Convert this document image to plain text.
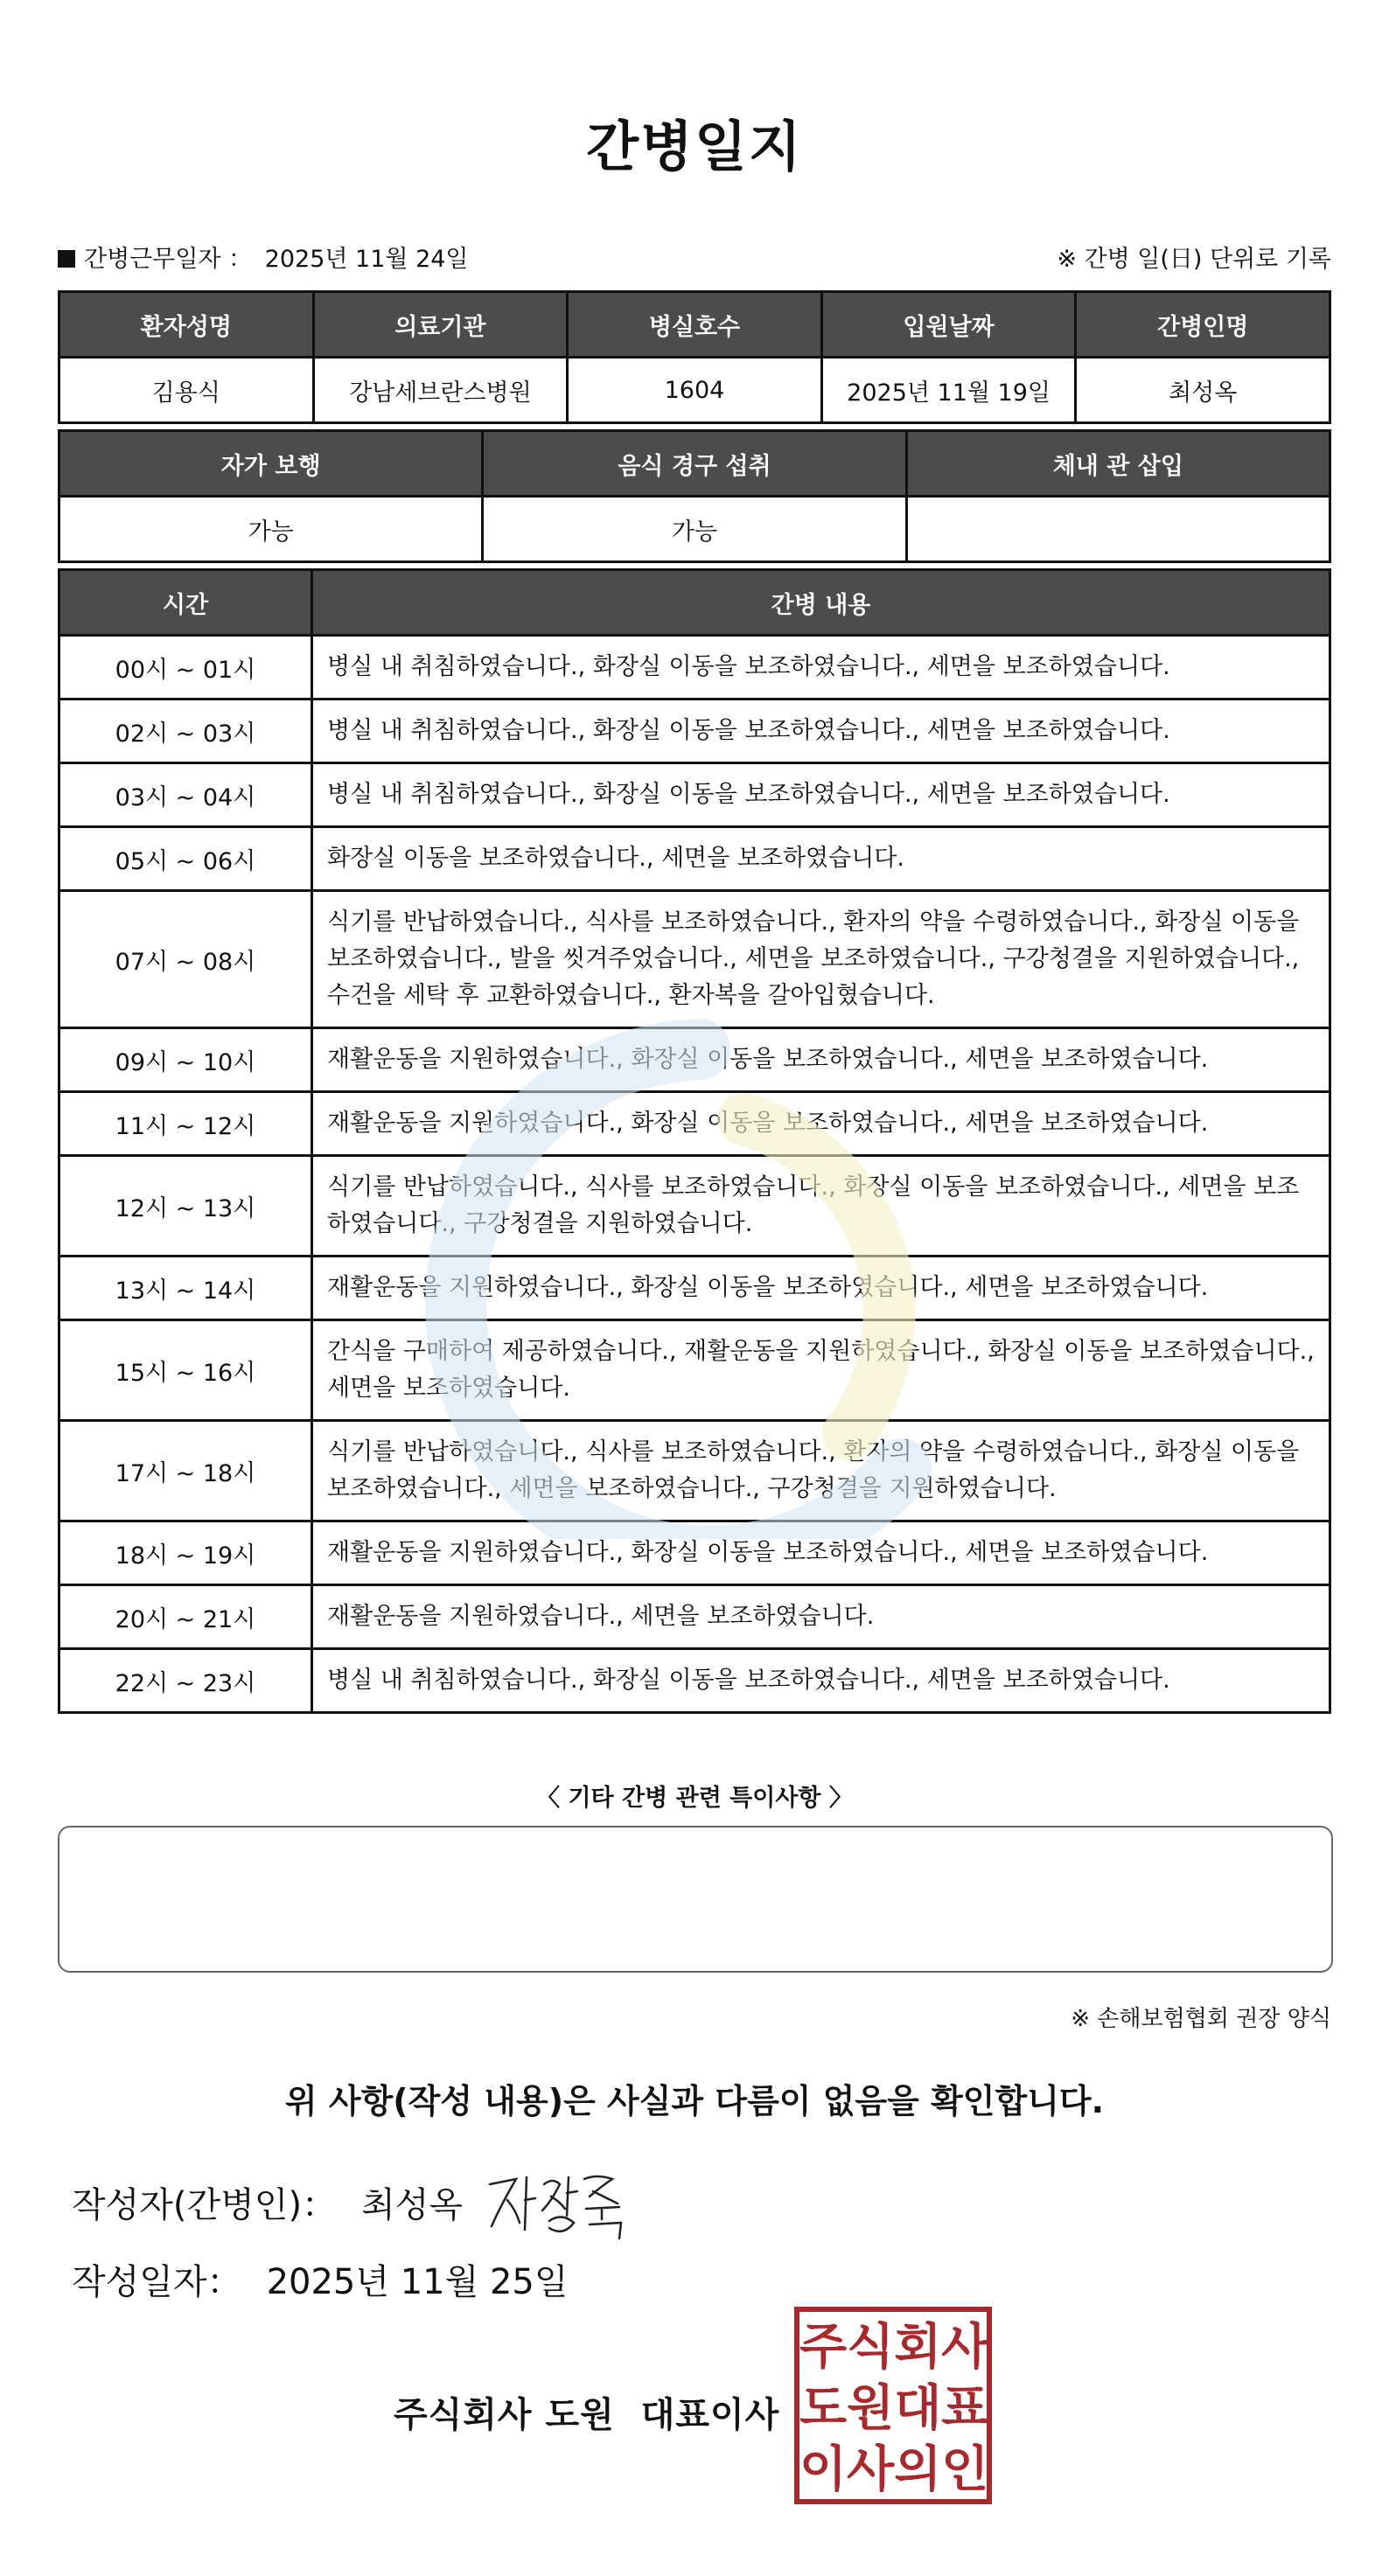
간병일지
간병근무일자 ： 2025년 11월 24일	※ 간병 일(日) 단위로 기록
환자성명	의료기관	병실호수	입원날짜	간병인명
김용식	강남세브란스병원	1604	2025년 11월 19일	최성옥
자가 보행	음식 경구 섭취	체내 관 삽입
가능	가능	
시간	간병 내용
00시 ~ 01시	병실 내 취침하였습니다., 화장실 이동을 보조하였습니다., 세면을 보조하였습니다.
02시 ~ 03시	병실 내 취침하였습니다., 화장실 이동을 보조하였습니다., 세면을 보조하였습니다.
03시 ~ 04시	병실 내 취침하였습니다., 화장실 이동을 보조하였습니다., 세면을 보조하였습니다.
05시 ~ 06시	화장실 이동을 보조하였습니다., 세면을 보조하였습니다.
07시 ~ 08시	식기를 반납하였습니다., 식사를 보조하였습니다., 환자의 약을 수령하였습니다., 화장실 이동을 보조하였습니다., 발을 씻겨주었습니다., 세면을 보조하였습니다., 구강청결을 지원하였습니다., 수건을 세탁 후 교환하였습니다., 환자복을 갈아입혔습니다.
09시 ~ 10시	재활운동을 지원하였습니다., 화장실 이동을 보조하였습니다., 세면을 보조하였습니다.
11시 ~ 12시	재활운동을 지원하였습니다., 화장실 이동을 보조하였습니다., 세면을 보조하였습니다.
12시 ~ 13시	식기를 반납하였습니다., 식사를 보조하였습니다., 화장실 이동을 보조하였습니다., 세면을 보조하였습니다., 구강청결을 지원하였습니다.
13시 ~ 14시	재활운동을 지원하였습니다., 화장실 이동을 보조하였습니다., 세면을 보조하였습니다.
15시 ~ 16시	간식을 구매하여 제공하였습니다., 재활운동을 지원하였습니다., 화장실 이동을 보조하였습니다., 세면을 보조하였습니다.
17시 ~ 18시	식기를 반납하였습니다., 식사를 보조하였습니다., 환자의 약을 수령하였습니다., 화장실 이동을 보조하였습니다., 세면을 보조하였습니다., 구강청결을 지원하였습니다.
18시 ~ 19시	재활운동을 지원하였습니다., 화장실 이동을 보조하였습니다., 세면을 보조하였습니다.
20시 ~ 21시	재활운동을 지원하였습니다., 세면을 보조하였습니다.
22시 ~ 23시	병실 내 취침하였습니다., 화장실 이동을 보조하였습니다., 세면을 보조하였습니다.
〈 기타 간병 관련 특이사항 〉
※ 손해보험협회 권장 양식
위 사항(작성 내용)은 사실과 다름이 없음을 확인합니다.
작성자(간병인)： 최성옥
작성일자： 2025년 11월 25일
주식회사 도원 대표이사
주식회사
도원대표
이사의인
